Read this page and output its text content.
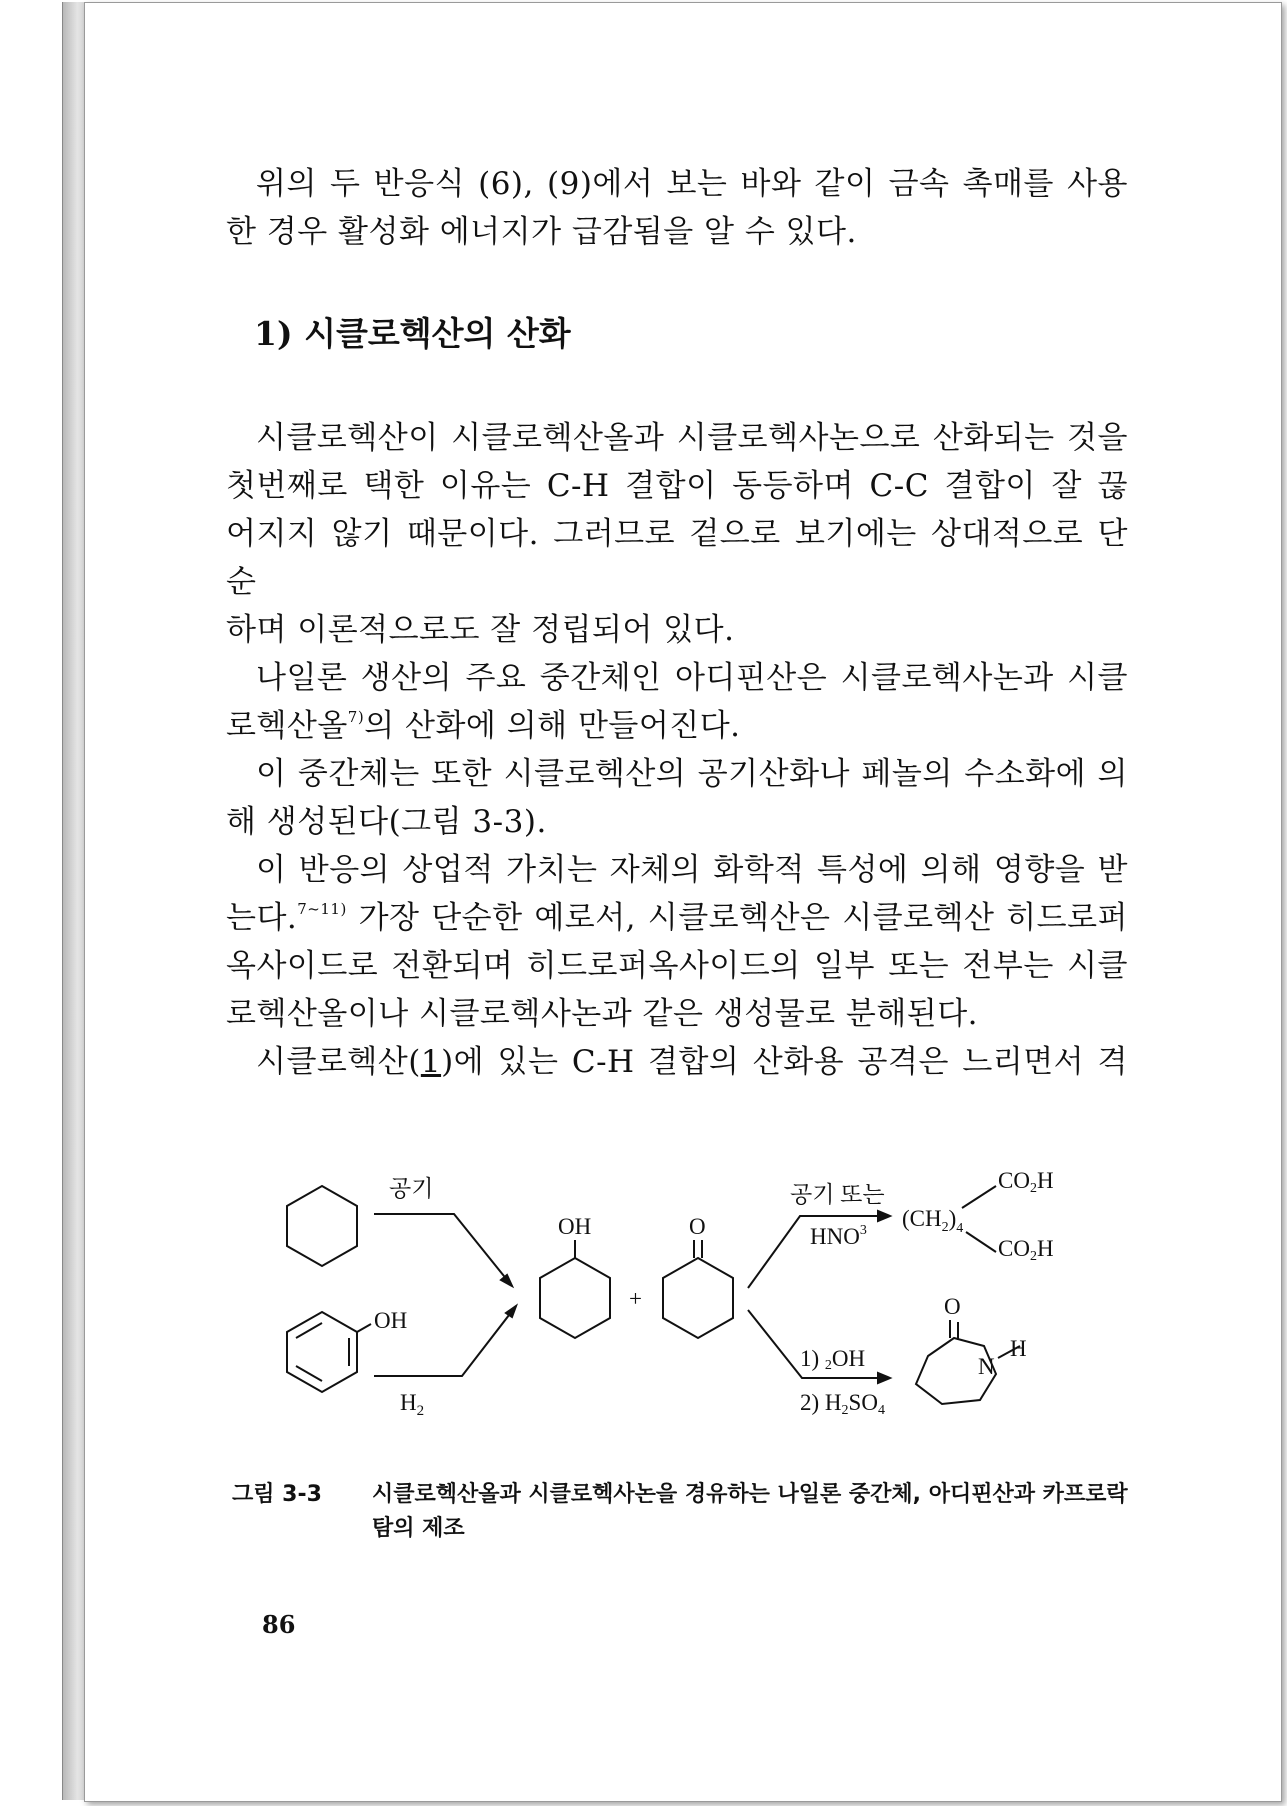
위의 두 반응식 (6), (9)에서 보는 바와 같이 금속 촉매를 사용

한 경우 활성화 에너지가 급감됨을 알 수 있다.

1) 시클로헥산의 산화

시클로헥산이 시클로헥산올과 시클로헥사논으로 산화되는 것을

첫번째로 택한 이유는 C-H 결합이 동등하며 C-C 결합이 잘 끊

어지지 않기 때문이다. 그러므로 겉으로 보기에는 상대적으로 단순

하며 이론적으로도 잘 정립되어 있다.

나일론 생산의 주요 중간체인 아디핀산은 시클로헥사논과 시클

로헥산올$^{7)}$의 산화에 의해 만들어진다.

이 중간체는 또한 시클로헥산의 공기산화나 페놀의 수소화에 의

해 생성된다(그림 3-3).

이 반응의 상업적 가치는 자체의 화학적 특성에 의해 영향을 받

는다.$^{7\sim 11)}$ 가장 단순한 예로서, 시클로헥산은 시클로헥산 히드로퍼

옥사이드로 전환되며 히드로퍼옥사이드의 일부 또는 전부는 시클

로헥산올이나 시클로헥사논과 같은 생성물로 분해된다.

시클로헥산(1)에 있는 C-H 결합의 산화용 공격은 느리면서 격

공기
$H_2$
OH
OH
+
O
공기 또는
HNO$^3$ $(CH_2)_4$
CO2H
CO2H
1) 2OH
2) H2SO4
O
N
H
그림 3-3 시클로헥산올과 시클로헥사논을 경유하는 나일론 중간체, 아디핀산과 카프로락탐의 제조
86
